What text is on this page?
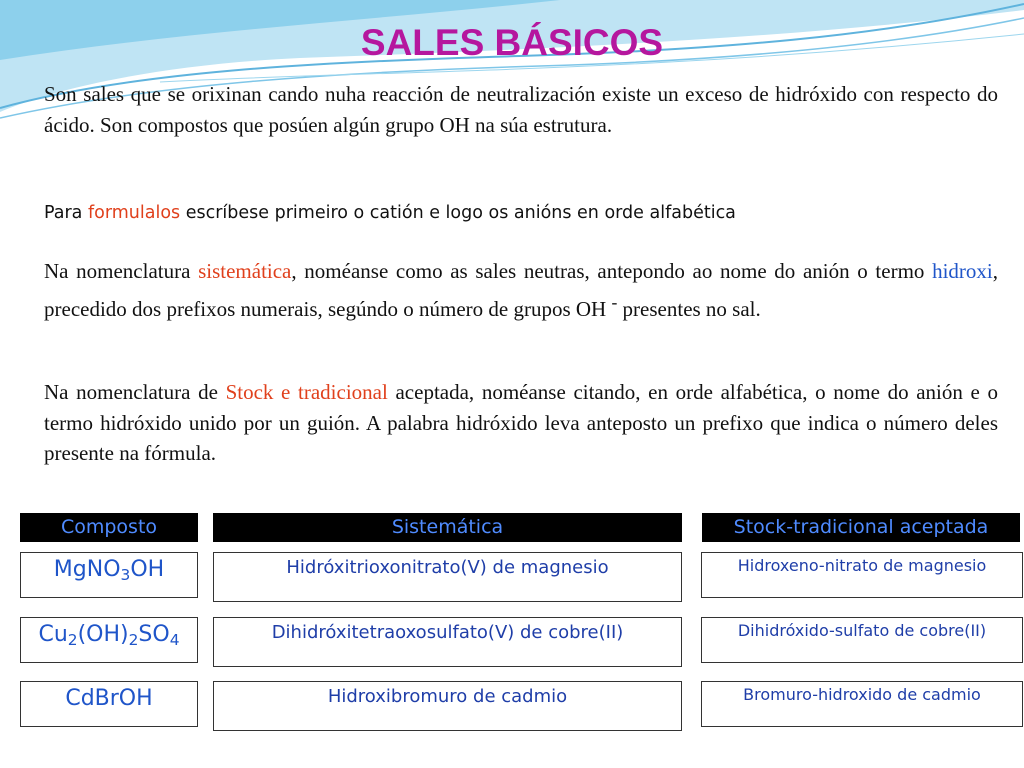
SALES BÁSICOS

Son sales que se orixinan cando nuha reacción de neutralización existe un exceso de hidróxido con respecto do ácido. Son compostos que posúen algún grupo OH na súa estrutura.

Para formulalos escríbese primeiro o catión e logo os anións en orde alfabética

Na nomenclatura sistemática, noméanse como as sales neutras, antepondo ao nome do anión o termo hidroxi, precedido dos prefixos numerais, segúndo o número de grupos OH - presentes no sal.

Na nomenclatura de Stock e tradicional aceptada, noméanse citando, en orde alfabética, o nome do anión e o termo hidróxido unido por un guión. A palabra hidróxido leva anteposto un prefixo que indica o número deles presente na fórmula.

Composto	Sistemática	Stock-tradicional aceptada
MgNO$_3$OH	Hidróxitrioxonitrato(V) de magnesio	Hidroxeno-nitrato de magnesio
$Cu_2(OH)_2SO_4$	Dihidróxitetraoxosulfato(V) de cobre(II)	Dihidróxido-sulfato de cobre(II)
CdBrOH	Hidroxibromuro de cadmio	Bromuro-hidroxido de cadmio
